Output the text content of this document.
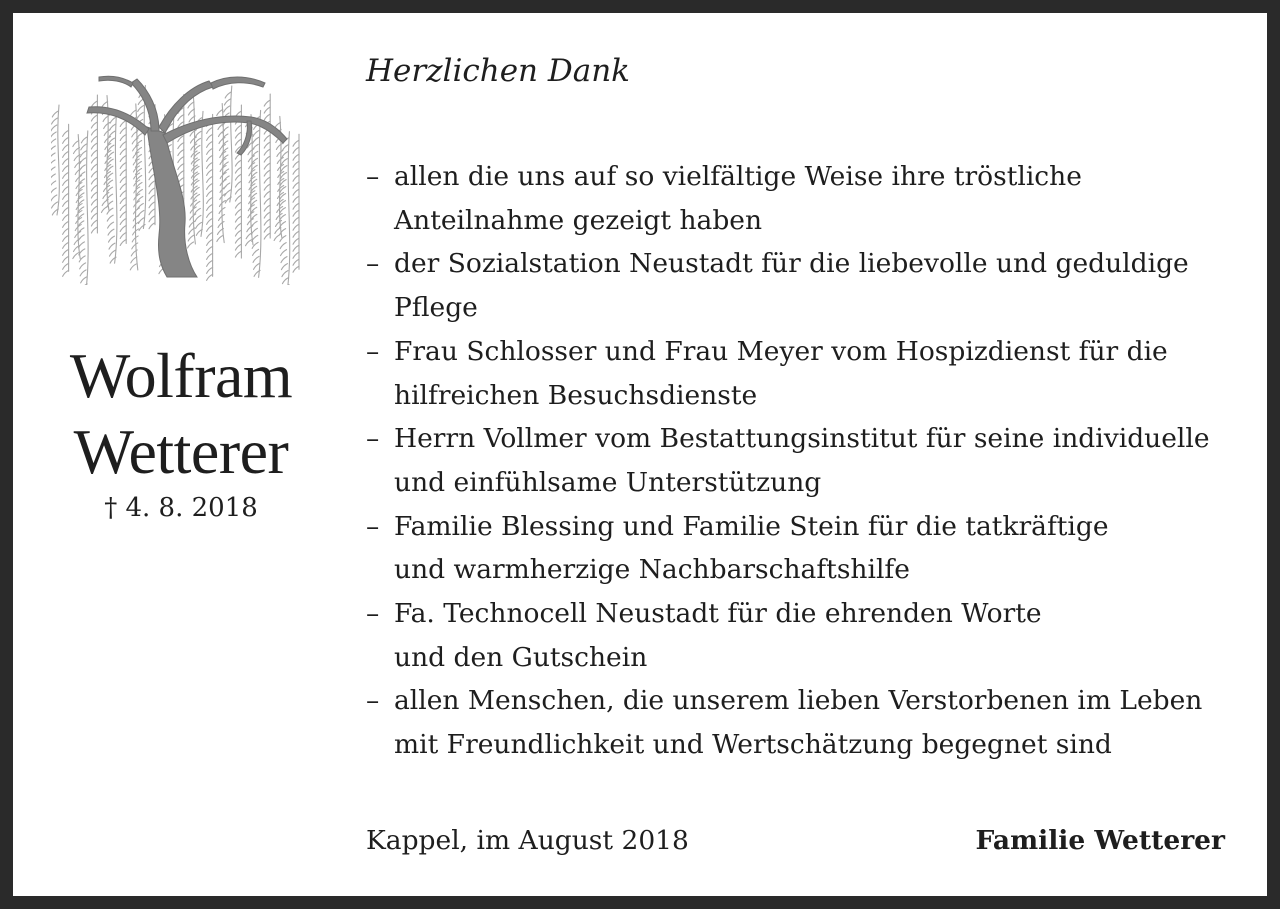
Wolfram
Wetterer
† 4. 8. 2018
Herzlichen Dank
– allen die uns auf so vielfältige Weise ihre tröstliche
Anteilnahme gezeigt haben
– der Sozialstation Neustadt für die liebevolle und geduldige
Pflege
– Frau Schlosser und Frau Meyer vom Hospizdienst für die
hilfreichen Besuchsdienste
– Herrn Vollmer vom Bestattungsinstitut für seine individuelle
und einfühlsame Unterstützung
– Familie Blessing und Familie Stein für die tatkräftige
und warmherzige Nachbarschaftshilfe
– Fa. Technocell Neustadt für die ehrenden Worte
und den Gutschein
– allen Menschen, die unserem lieben Verstorbenen im Leben
mit Freundlichkeit und Wertschätzung begegnet sind
Kappel, im August 2018	Familie Wetterer
